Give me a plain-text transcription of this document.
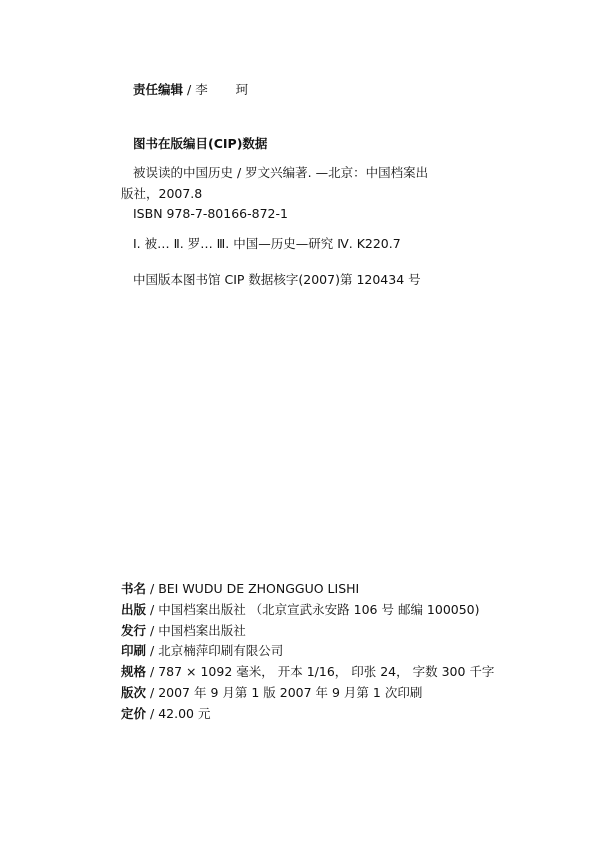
责任编辑 / 李 珂
图书在版编目(CIP)数据
被误读的中国历史 / 罗文兴编著. —北京：中国档案出
版社，2007.8
ISBN 978-7-80166-872-1
Ⅰ. 被… Ⅱ. 罗… Ⅲ. 中国—历史—研究 Ⅳ. K220.7
中国版本图书馆 CIP 数据核字(2007)第 120434 号
书名 / BEI WUDU DE ZHONGGUO LISHI
出版 / 中国档案出版社 （北京宣武永安路 106 号 邮编 100050)
发行 / 中国档案出版社
印刷 / 北京楠萍印刷有限公司
规格 / 787 × 1092 毫米， 开本 1/16， 印张 24， 字数 300 千字
版次 / 2007 年 9 月第 1 版 2007 年 9 月第 1 次印刷
定价 / 42.00 元
